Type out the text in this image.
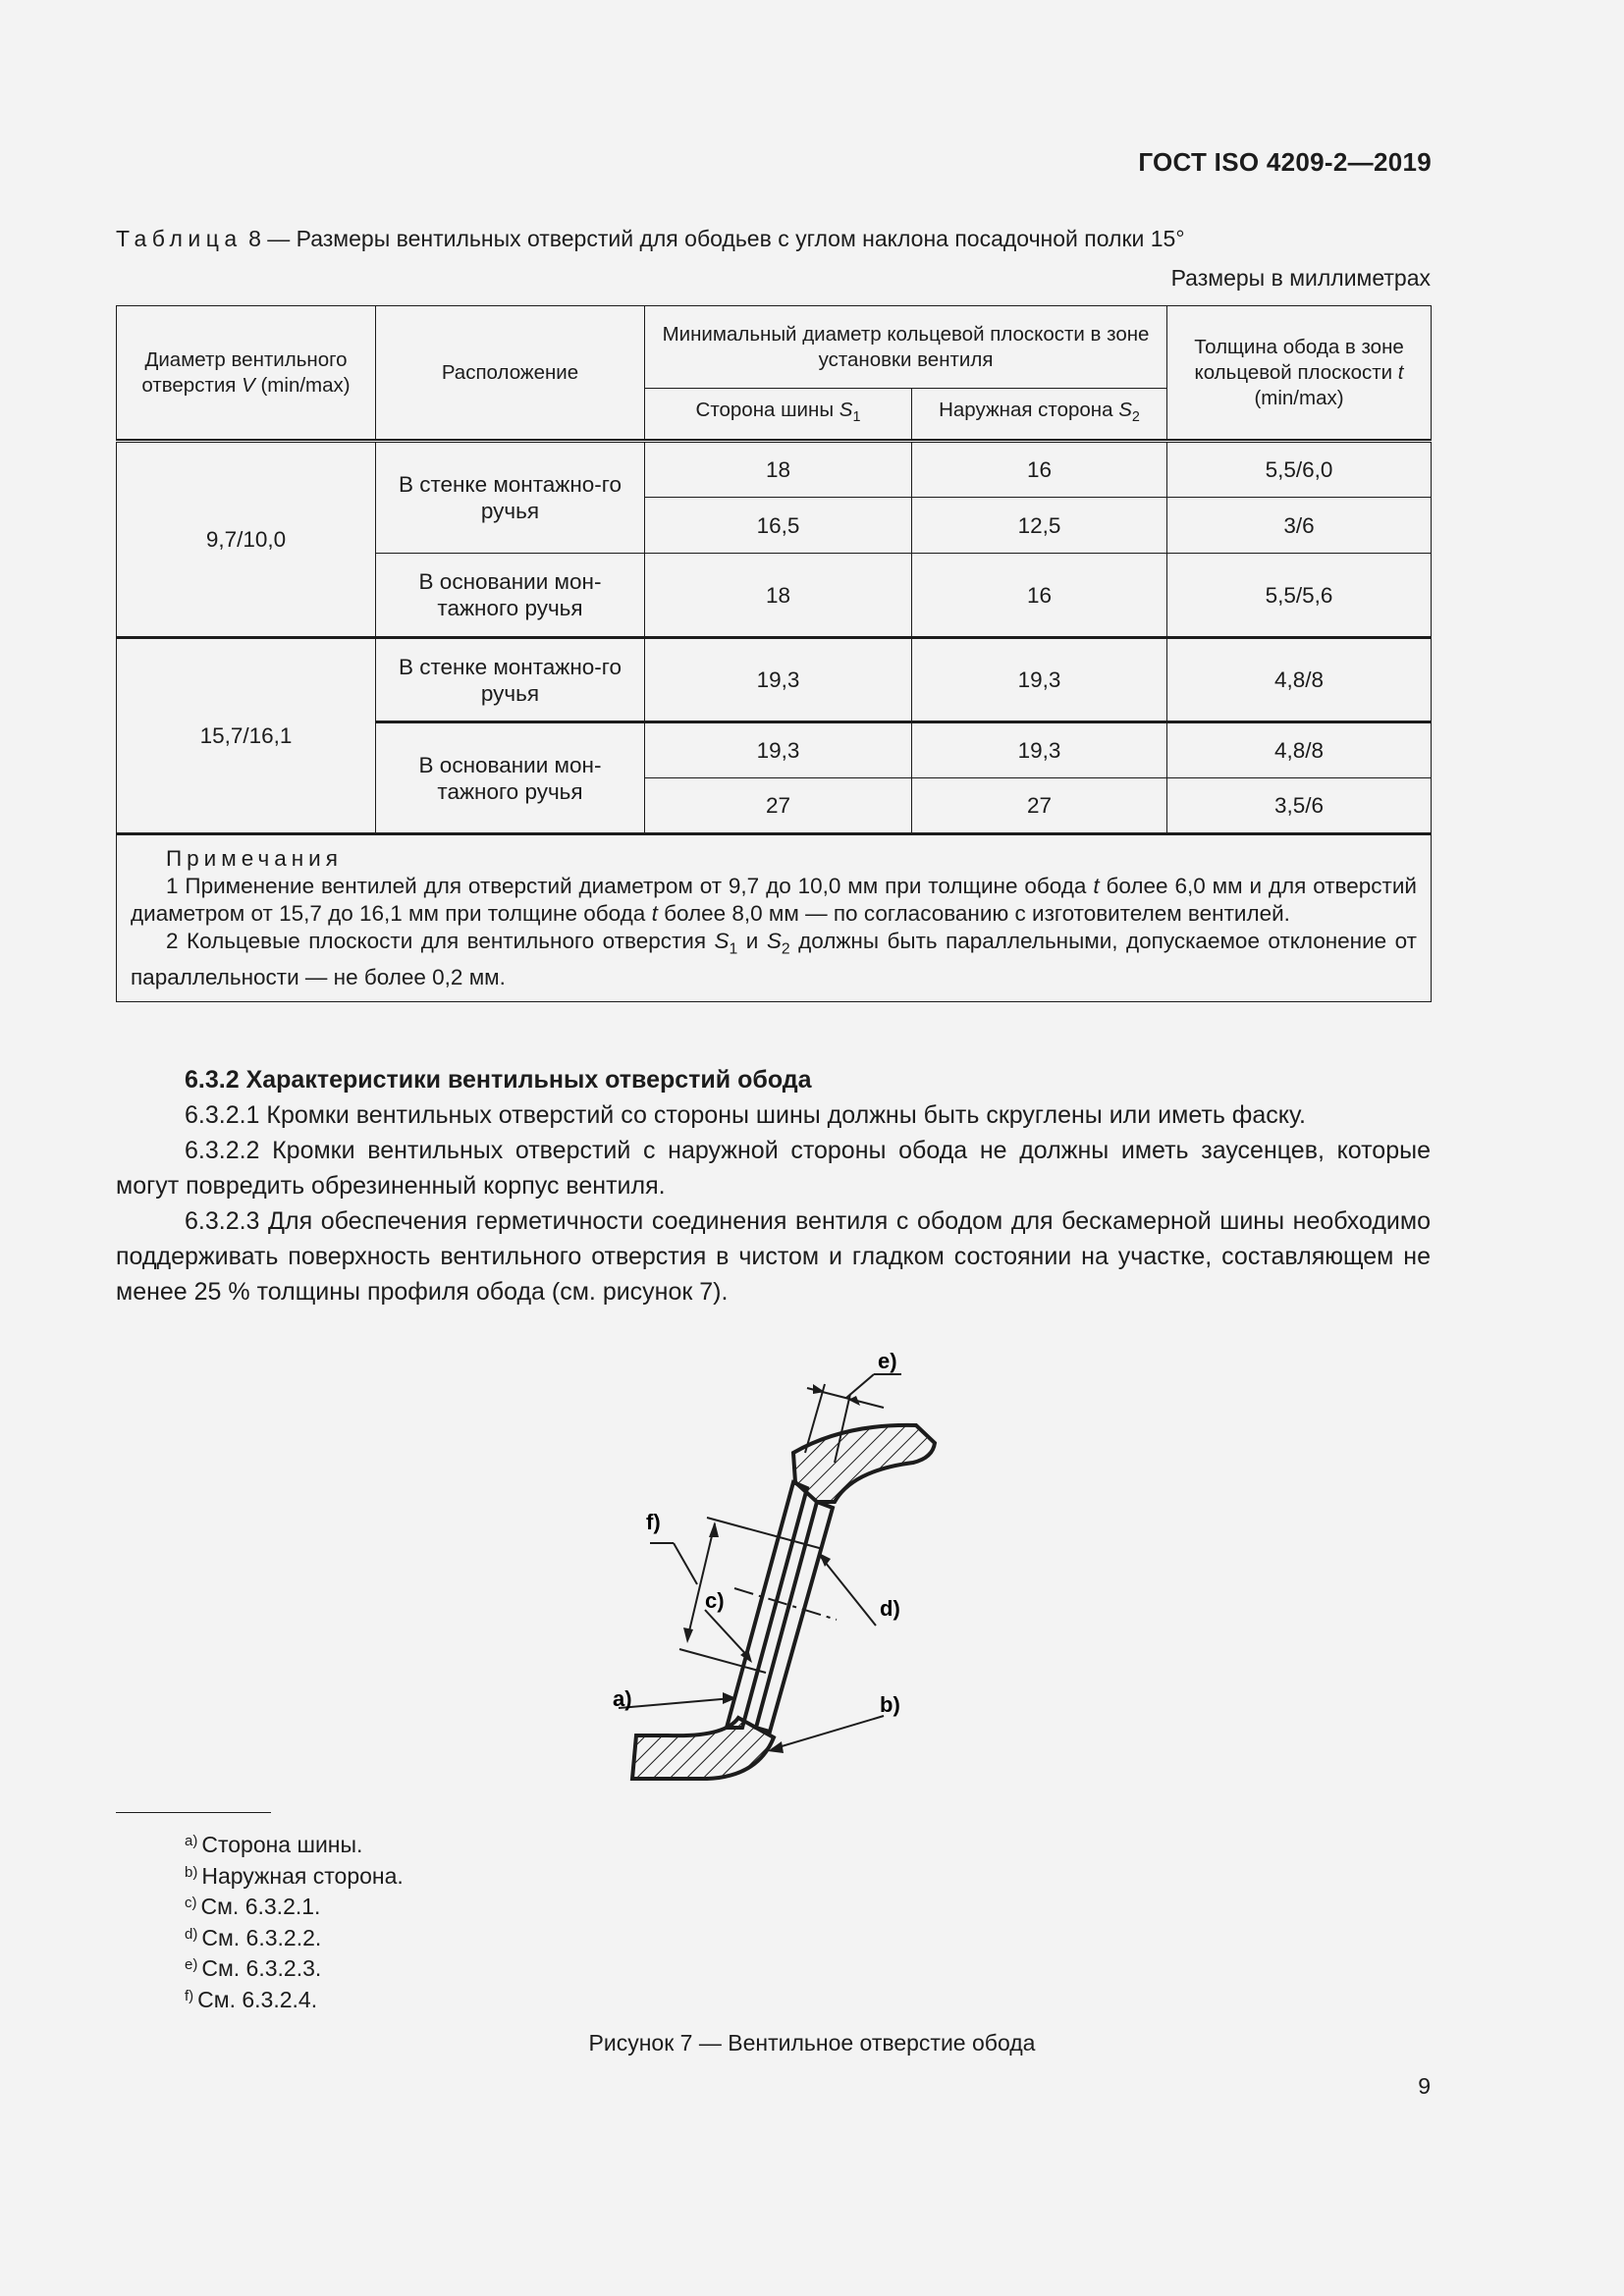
ГОСТ ISO 4209-2—2019
Таблица 8 — Размеры вентильных отверстий для ободьев с углом наклона посадочной полки 15°
Размеры в миллиметрах
Диаметр вентильного отверстия V (min/max)	Расположение	Минимальный диаметр кольцевой плоскости в зоне установки вентиля		Толщина обода в зоне кольцевой плоскости t (min/max)
		Сторона шины $S_1$	Наружная сторона $S_2$

9,7/10,0	В стенке монтажно-го ручья	18	16	5,5/6,0
		16,5	12,5	3/6
	В основании мон-тажного ручья	18	16	5,5/5,6
15,7/16,1	В стенке монтажно-го ручья	19,3	19,3	4,8/8
	В основании мон-тажного ручья	19,3	19,3	4,8/8
		27	27	3,5/6

Примечания
1 Применение вентилей для отверстий диаметром от 9,7 до 10,0 мм при толщине обода t более 6,0 мм и для отверстий диаметром от 15,7 до 16,1 мм при толщине обода t более 8,0 мм — по согласованию с изготовителем вентилей.
2 Кольцевые плоскости для вентильного отверстия $S_1$ и $S_2$ должны быть параллельными, допускаемое отклонение от параллельности — не более 0,2 мм.				
6.3.2 Характеристики вентильных отверстий обода

6.3.2.1 Кромки вентильных отверстий со стороны шины должны быть скруглены или иметь фаску.

6.3.2.2 Кромки вентильных отверстий с наружной стороны обода не должны иметь заусенцев, которые могут повредить обрезиненный корпус вентиля.

6.3.2.3 Для обеспечения герметичности соединения вентиля с ободом для бескамерной шины необходимо поддерживать поверхность вентильного отверстия в чистом и гладком состоянии на участке, составляющем не менее 25 % толщины профиля обода (см. рисунок 7).

e)
f)
c)	d)
a)	b)
$^{a)}$ Сторона шины.
$^{b)}$ Наружная сторона.
$^{c)}$ См. 6.3.2.1.
$^{d)}$ См. 6.3.2.2.
$^{e)}$ См. 6.3.2.3.
$^{f)}$ См. 6.3.2.4.
Рисунок 7 — Вентильное отверстие обода
9
